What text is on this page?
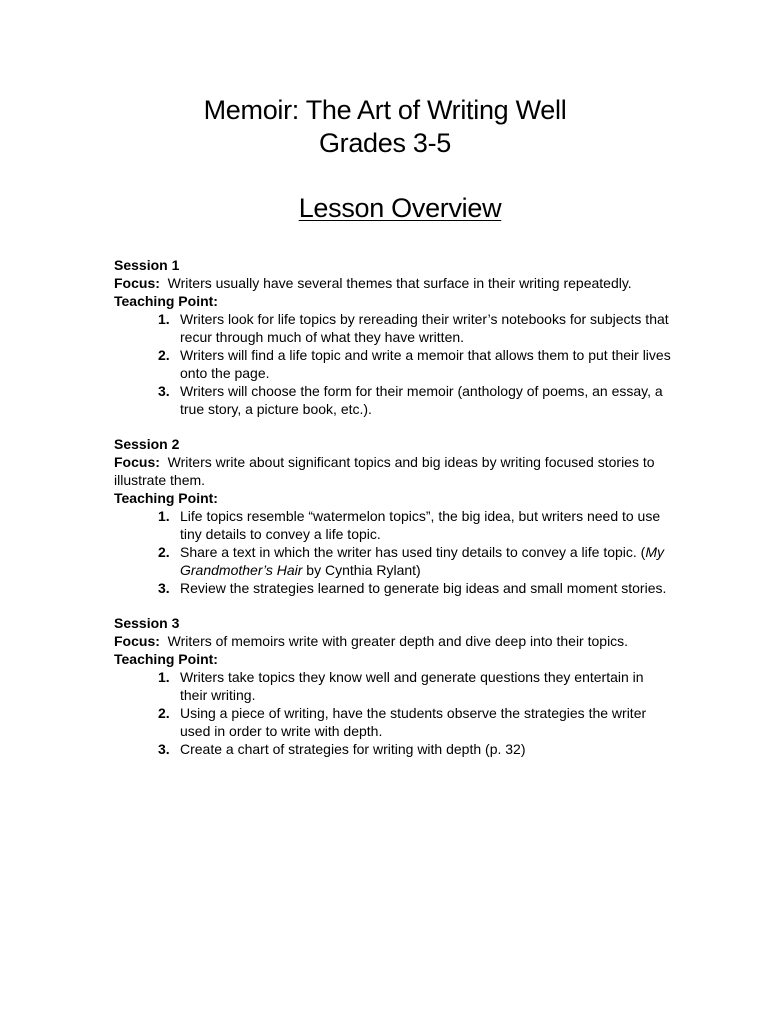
Memoir: The Art of Writing Well
Grades 3-5
Lesson Overview
Session 1
Focus: Writers usually have several themes that surface in their writing repeatedly.
Teaching Point:
1. Writers look for life topics by rereading their writer’s notebooks for subjects that recur through much of what they have written.
2. Writers will find a life topic and write a memoir that allows them to put their lives onto the page.
3. Writers will choose the form for their memoir (anthology of poems, an essay, a true story, a picture book, etc.).
Session 2
Focus: Writers write about significant topics and big ideas by writing focused stories to illustrate them.
Teaching Point:
1. Life topics resemble “watermelon topics”, the big idea, but writers need to use tiny details to convey a life topic.
2. Share a text in which the writer has used tiny details to convey a life topic. (My Grandmother’s Hair by Cynthia Rylant)
3. Review the strategies learned to generate big ideas and small moment stories.
Session 3
Focus: Writers of memoirs write with greater depth and dive deep into their topics.
Teaching Point:
1. Writers take topics they know well and generate questions they entertain in their writing.
2. Using a piece of writing, have the students observe the strategies the writer used in order to write with depth.
3. Create a chart of strategies for writing with depth (p. 32)
